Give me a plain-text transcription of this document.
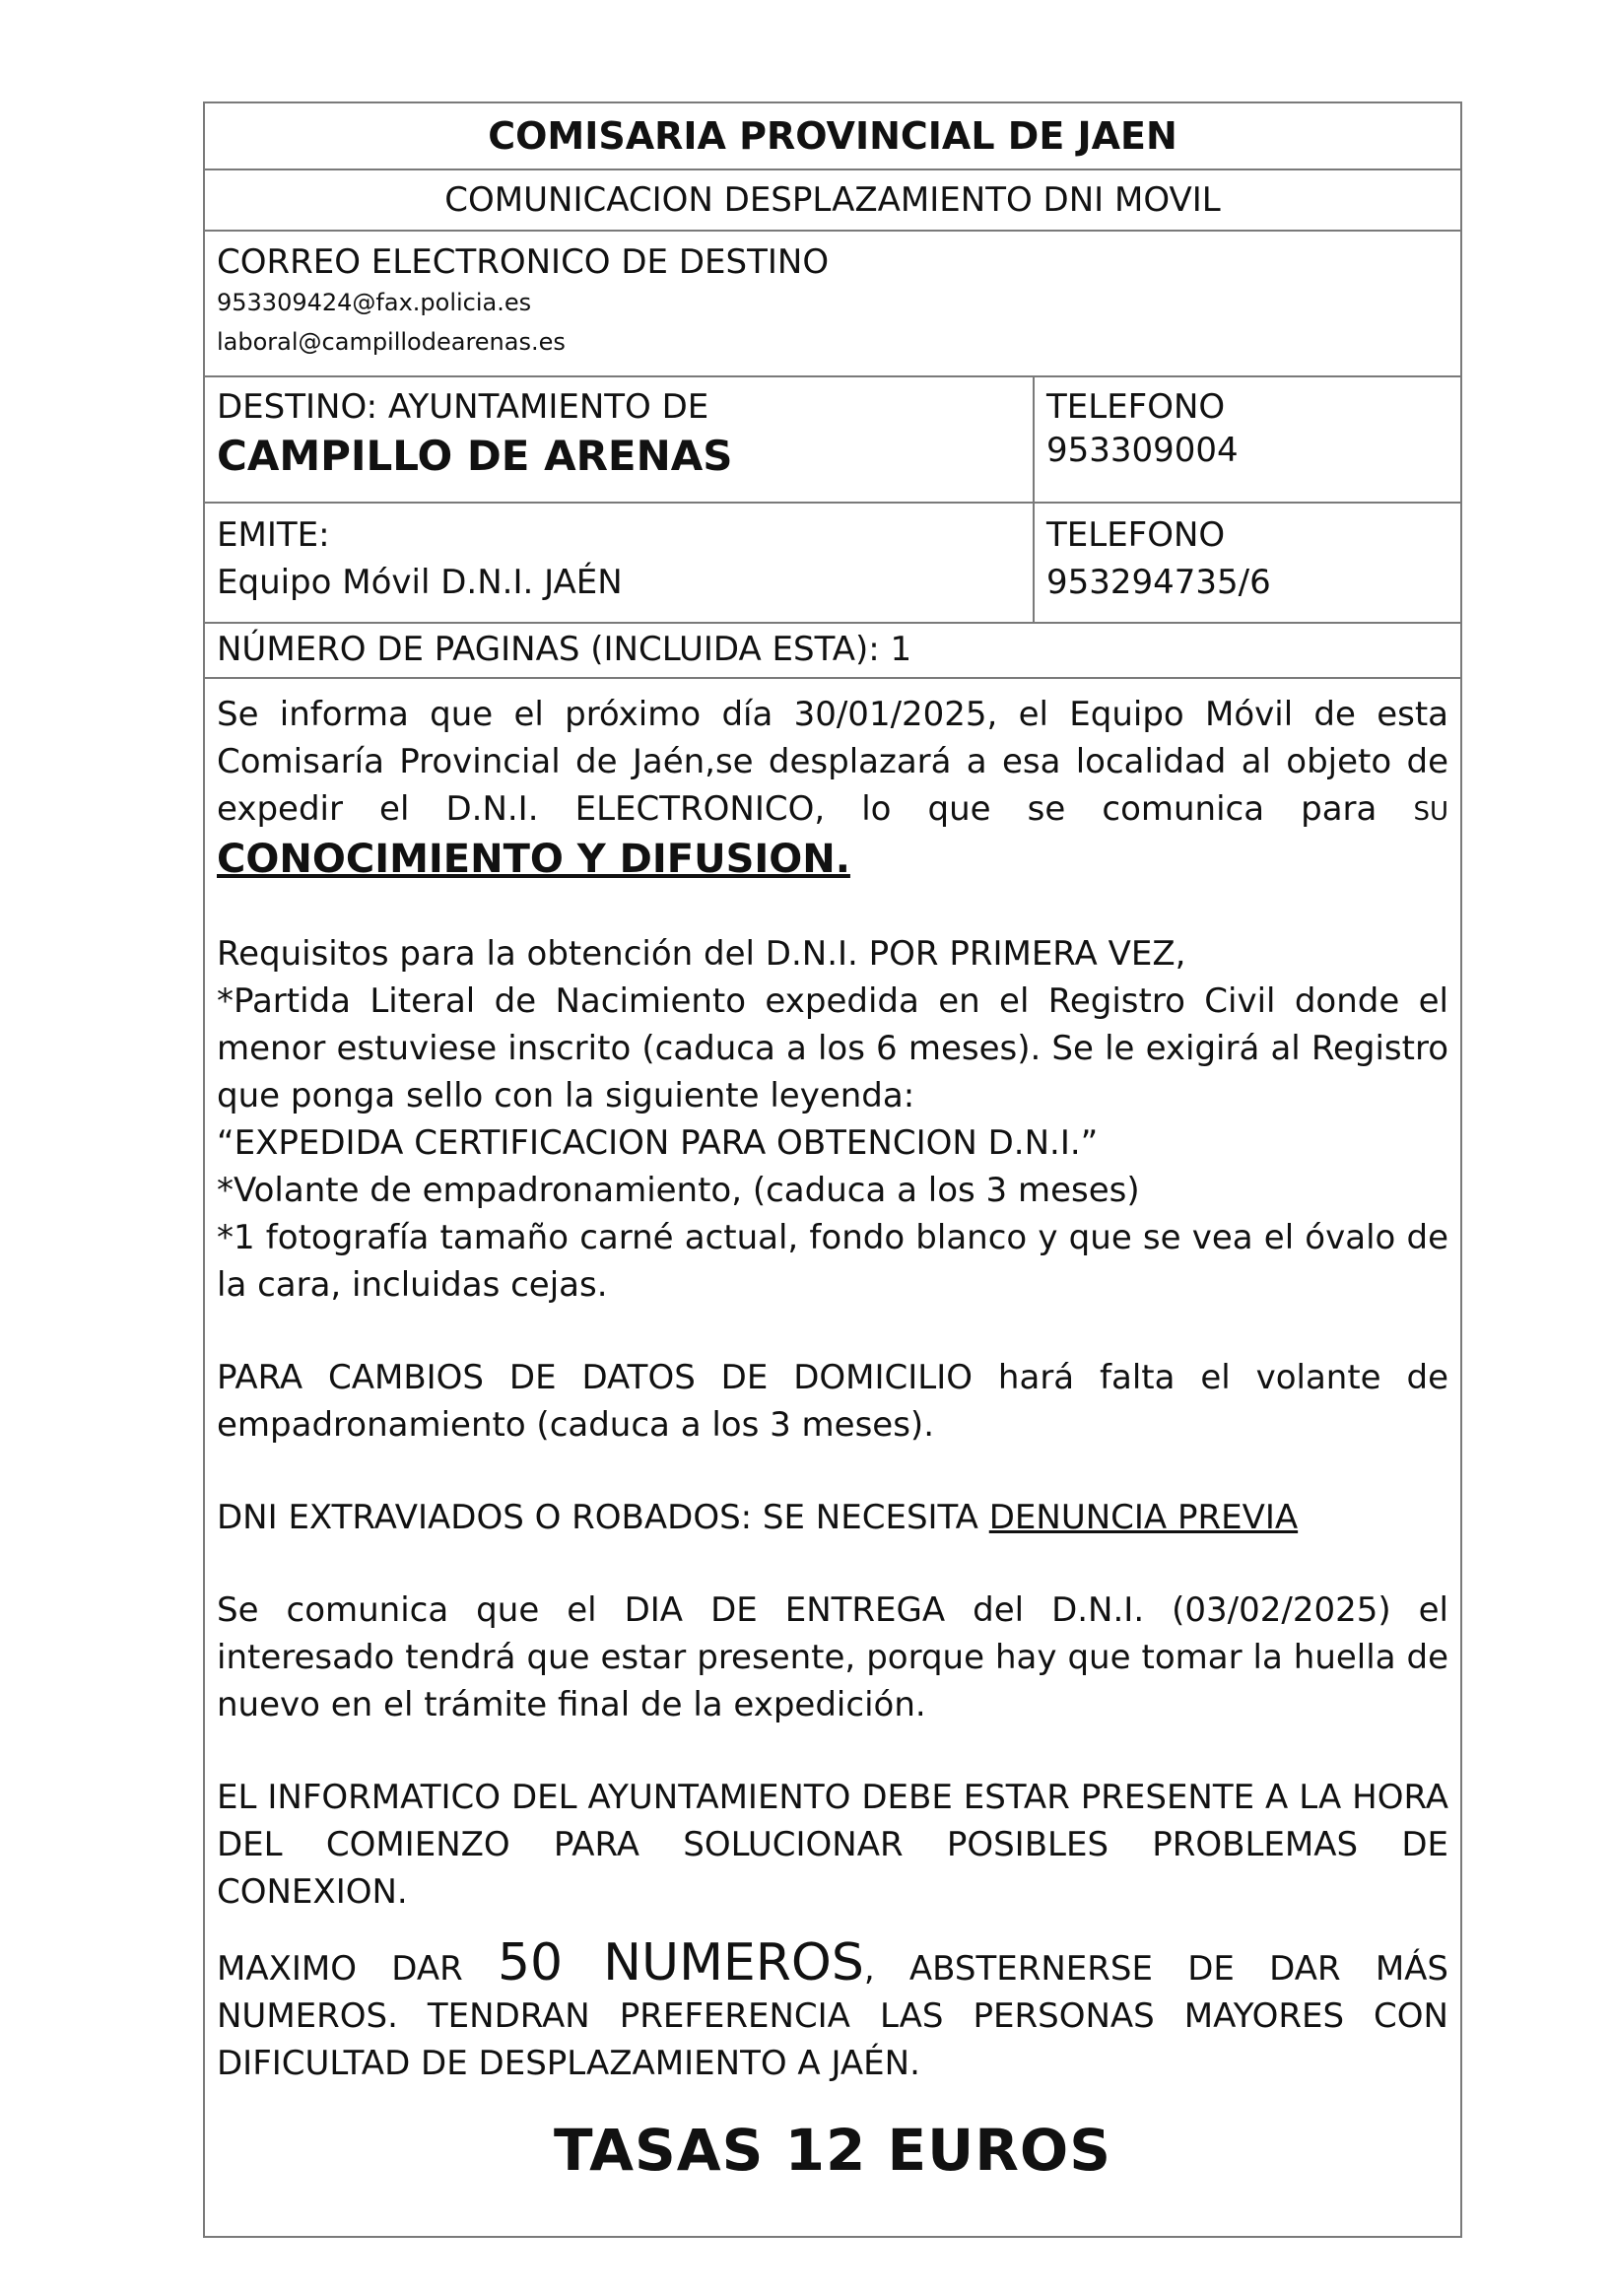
COMISARIA PROVINCIAL DE JAEN
COMUNICACION DESPLAZAMIENTO DNI MOVIL
CORREO ELECTRONICO DE DESTINO
953309424@fax.policia.es
laboral@campillodearenas.es
DESTINO: AYUNTAMIENTO DE
CAMPILLO DE ARENAS
TELEFONO
953309004
EMITE:
Equipo Móvil D.N.I. JAÉN
TELEFONO
953294735/6
NÚMERO DE PAGINAS (INCLUIDA ESTA): 1

Se informa que el próximo día 30/01/2025, el Equipo Móvil de esta Comisaría Provincial de Jaén,se desplazará a esa localidad al objeto de expedir el D.N.I. ELECTRONICO, lo que se comunica para SU CONOCIMIENTO Y DIFUSION.

Requisitos para la obtención del D.N.I. POR PRIMERA VEZ,

*Partida Literal de Nacimiento expedida en el Registro Civil donde el menor estuviese inscrito (caduca a los 6 meses). Se le exigirá al Registro que ponga sello con la siguiente leyenda:

“EXPEDIDA CERTIFICACION PARA OBTENCION D.N.I.”

*Volante de empadronamiento, (caduca a los 3 meses)

*1 fotografía tamaño carné actual, fondo blanco y que se vea el óvalo de la cara, incluidas cejas.

PARA CAMBIOS DE DATOS DE DOMICILIO hará falta el volante de empadronamiento (caduca a los 3 meses).

DNI EXTRAVIADOS O ROBADOS: SE NECESITA DENUNCIA PREVIA

Se comunica que el DIA DE ENTREGA del D.N.I. (03/02/2025) el interesado tendrá que estar presente, porque hay que tomar la huella de nuevo en el trámite final de la expedición.

EL INFORMATICO DEL AYUNTAMIENTO DEBE ESTAR PRESENTE A LA HORA DEL COMIENZO PARA SOLUCIONAR POSIBLES PROBLEMAS DE CONEXION.

MAXIMO DAR 50 NUMEROS, ABSTERNERSE DE DAR MÁS NUMEROS. TENDRAN PREFERENCIA LAS PERSONAS MAYORES CON DIFICULTAD DE DESPLAZAMIENTO A JAÉN.

TASAS 12 EUROS
